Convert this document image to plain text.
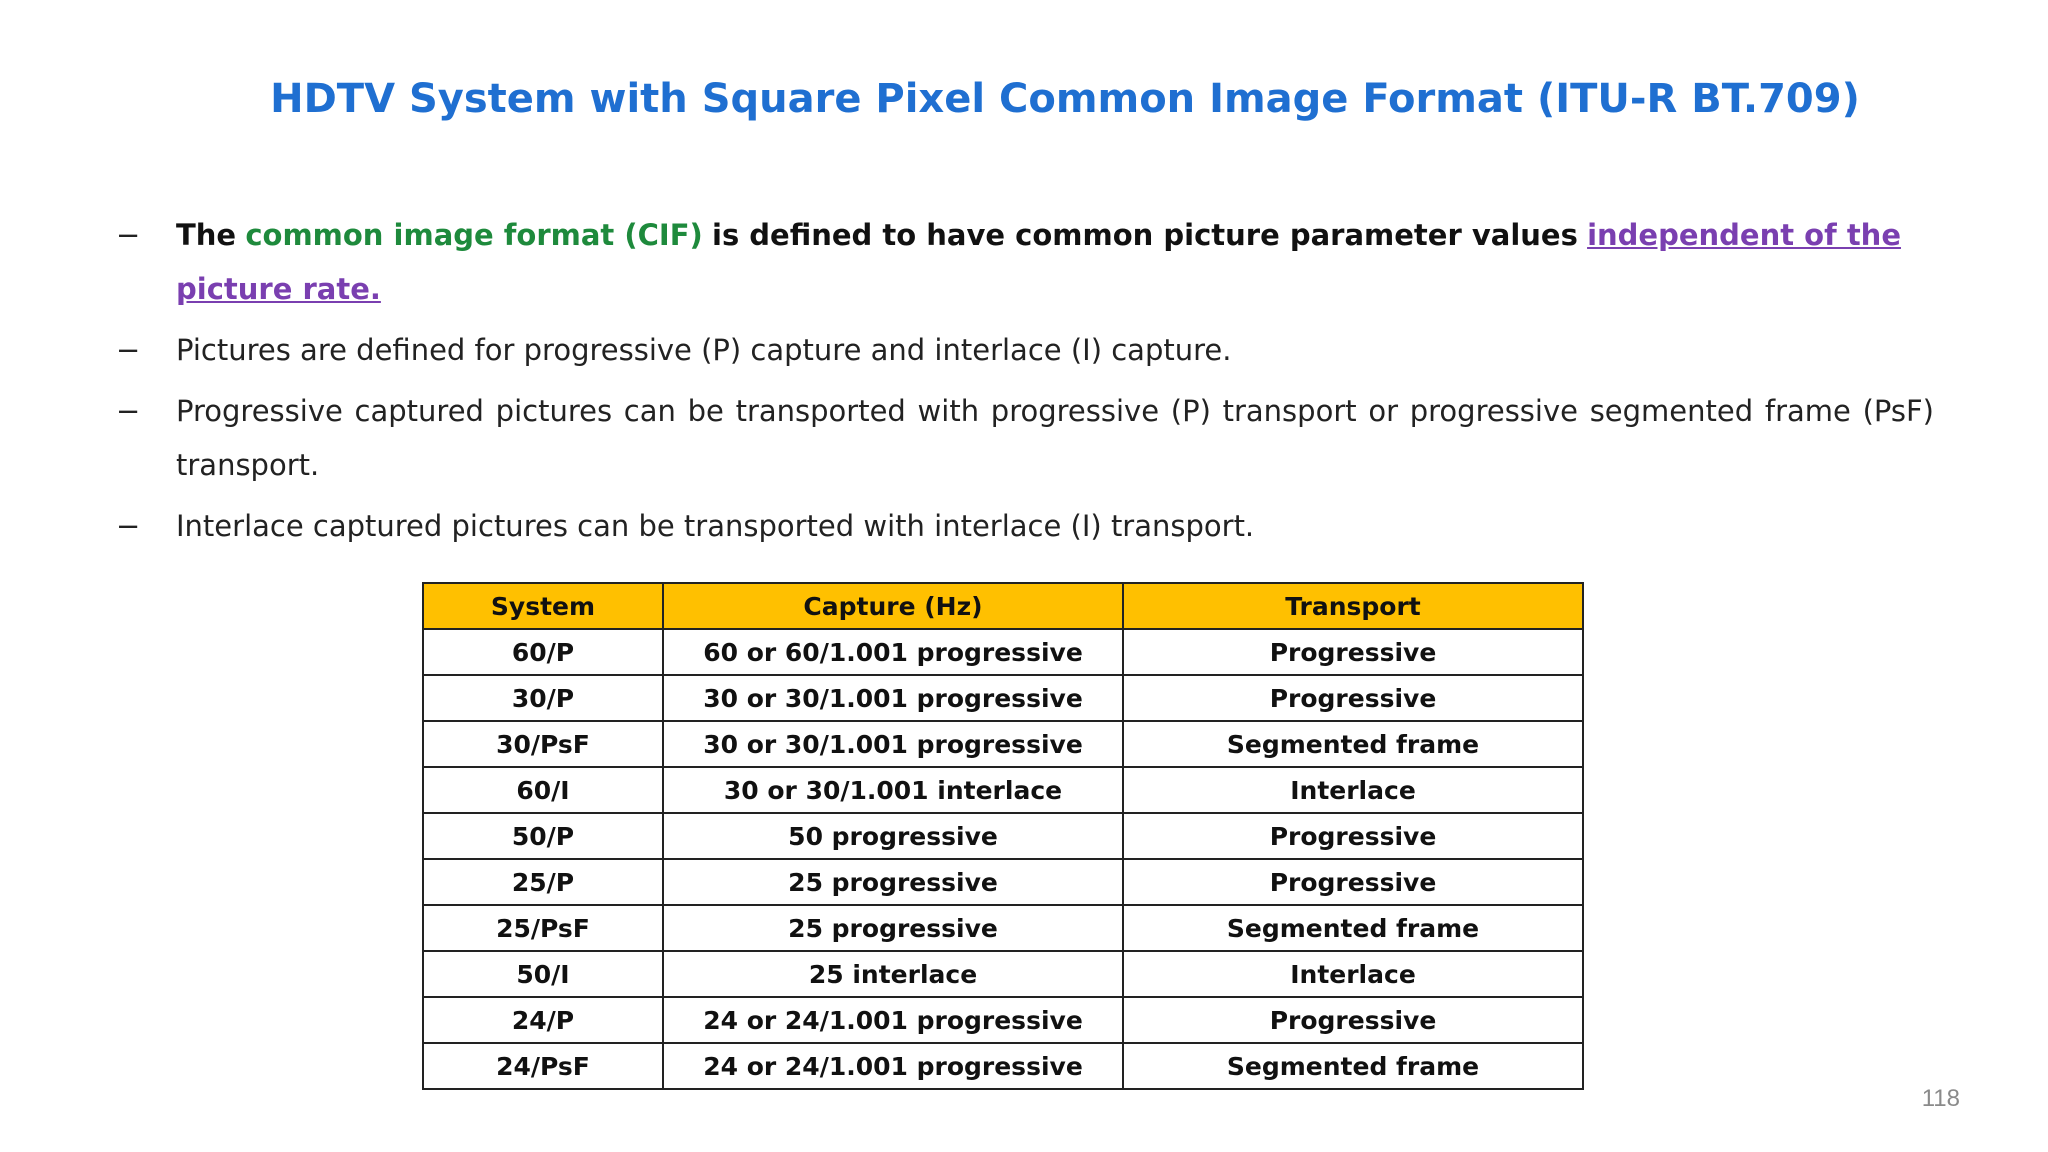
HDTV System with Square Pixel Common Image Format (ITU-R BT.709)
− The common image format (CIF) is defined to have common picture parameter values independent of the picture rate.
− Pictures are defined for progressive (P) capture and interlace (I) capture.
− Progressive captured pictures can be transported with progressive (P) transport or progressive segmented frame (PsF) transport.
− Interlace captured pictures can be transported with interlace (I) transport.
System	Capture (Hz)	Transport
60/P	60 or 60/1.001 progressive	Progressive
30/P	30 or 30/1.001 progressive	Progressive
30/PsF	30 or 30/1.001 progressive	Segmented frame
60/I	30 or 30/1.001 interlace	Interlace
50/P	50 progressive	Progressive
25/P	25 progressive	Progressive
25/PsF	25 progressive	Segmented frame
50/I	25 interlace	Interlace
24/P	24 or 24/1.001 progressive	Progressive
24/PsF	24 or 24/1.001 progressive	Segmented frame
118
